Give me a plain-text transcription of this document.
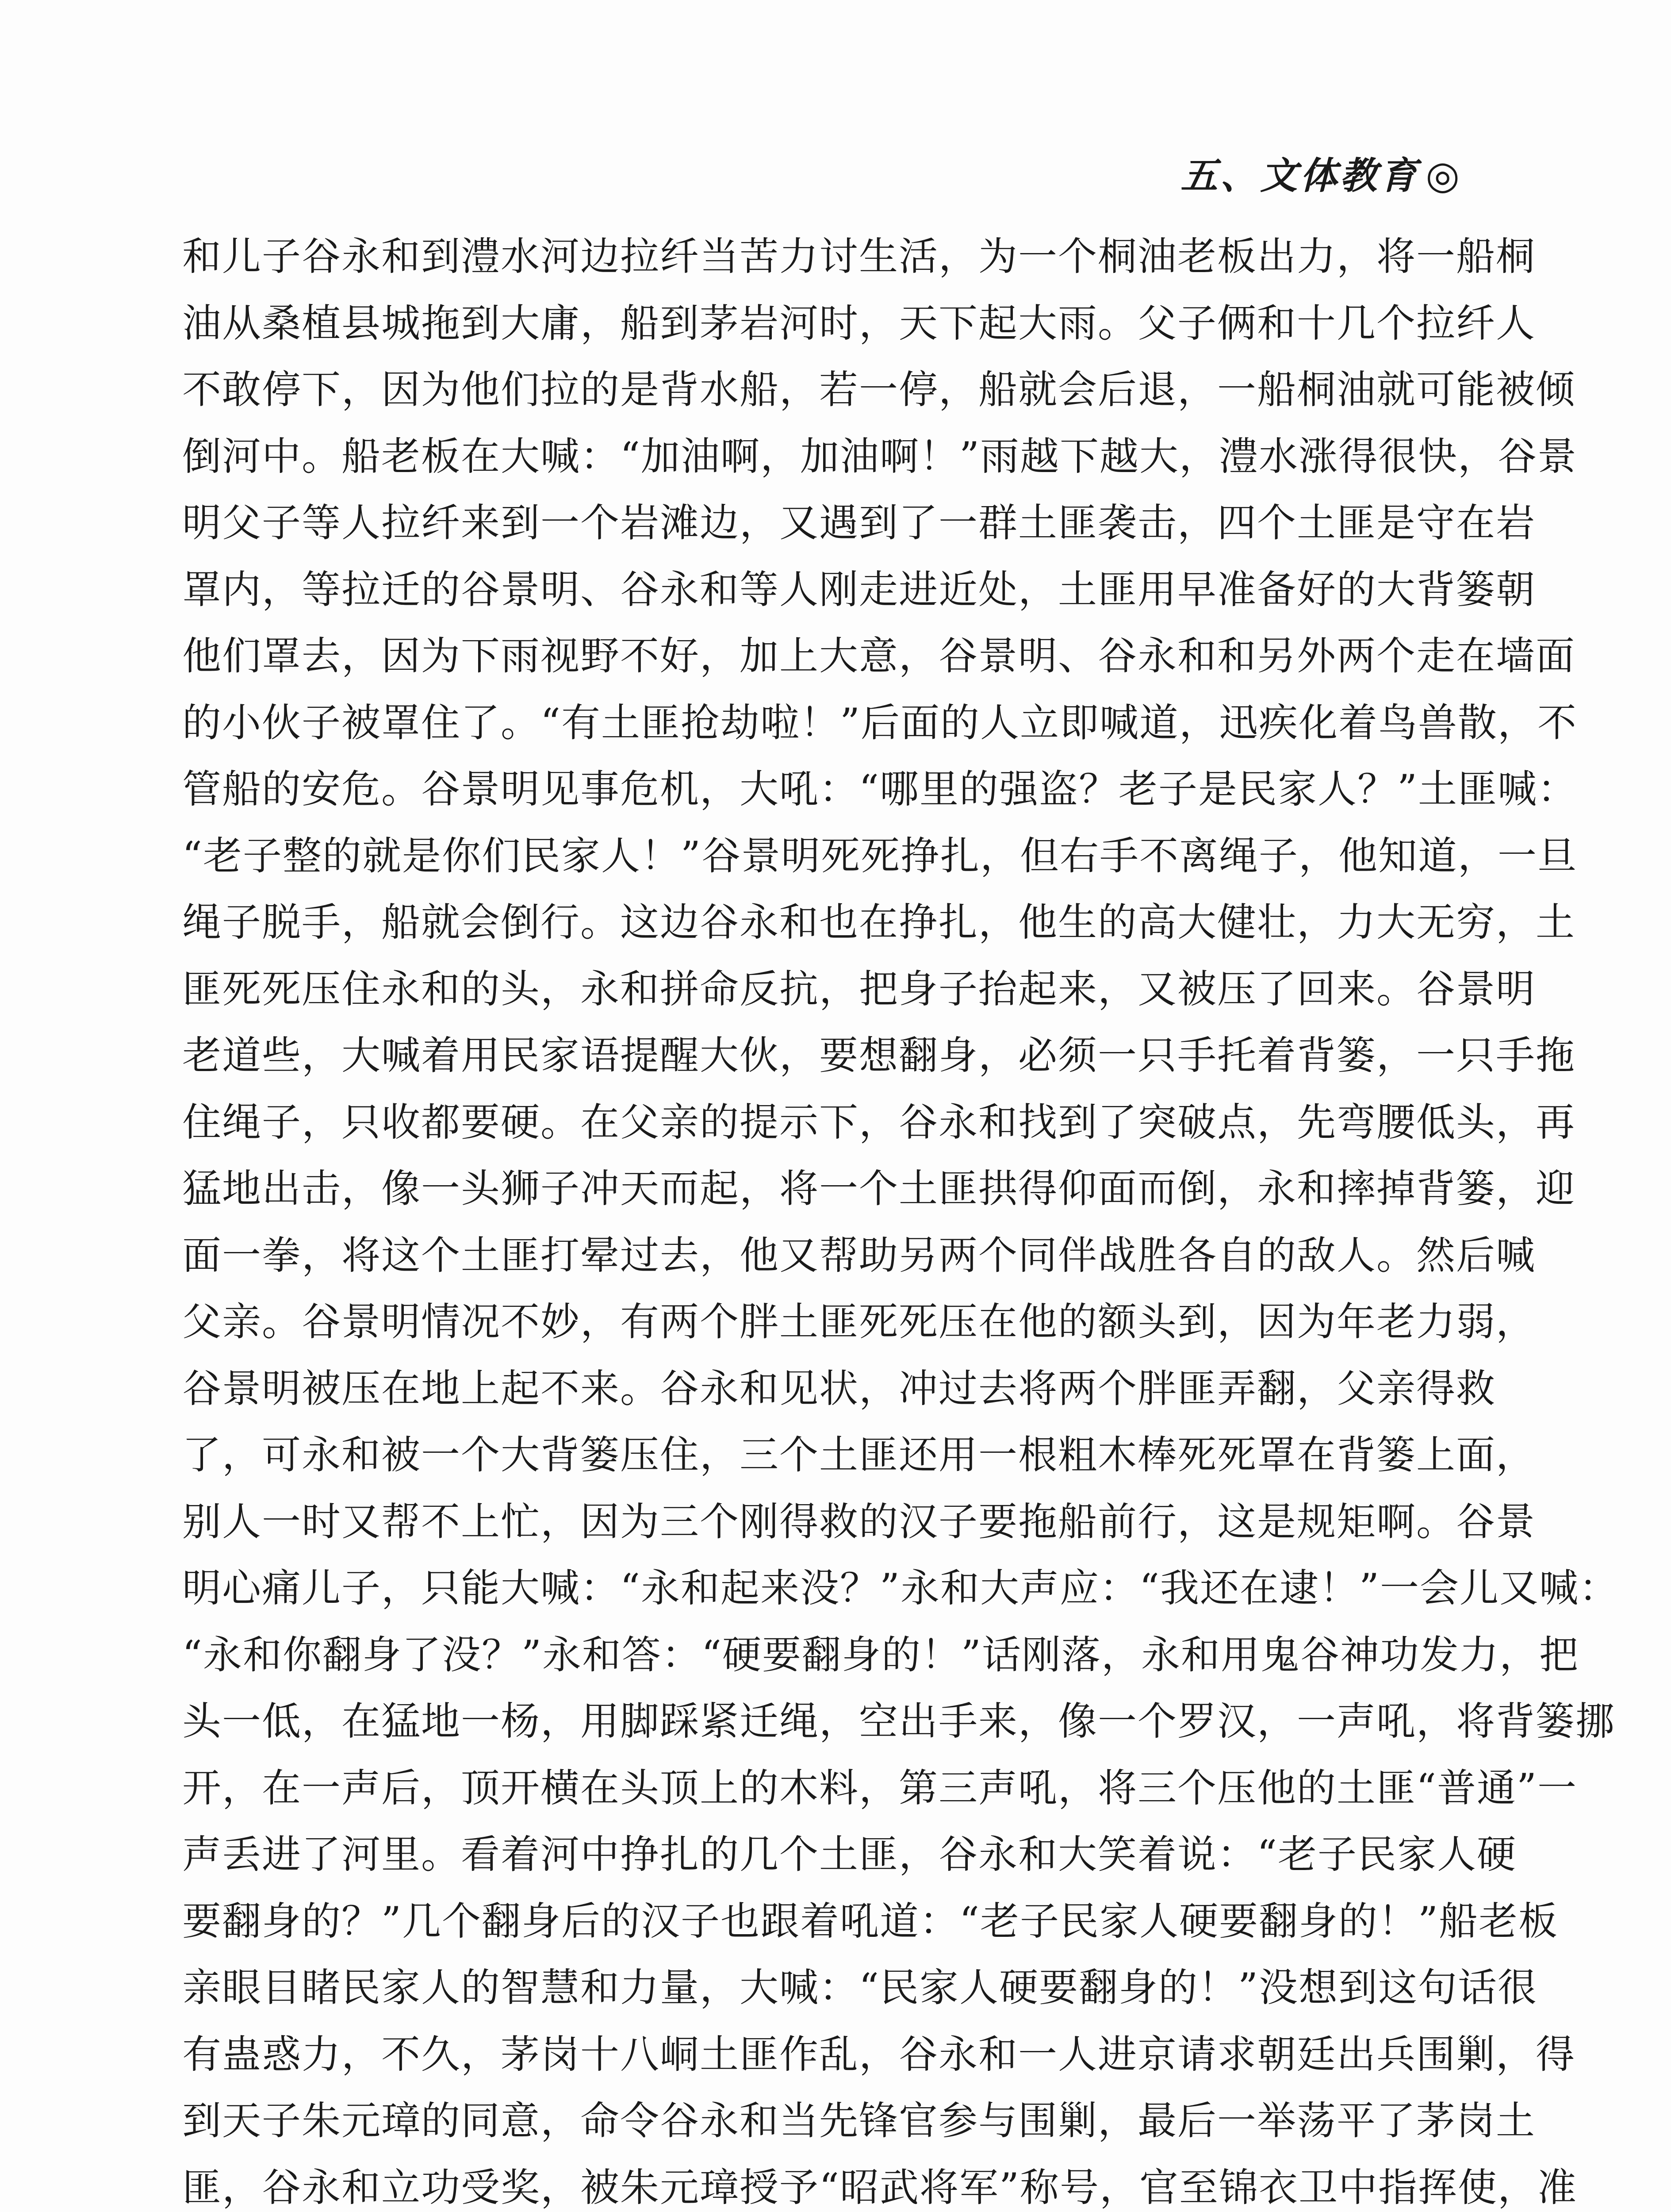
五、文体教育 ◎
和儿子谷永和到澧水河边拉纤当苦力讨生活，为一个桐油老板出力，将一船桐
油从桑植县城拖到大庸，船到茅岩河时，天下起大雨。父子俩和十几个拉纤人
不敢停下，因为他们拉的是背水船，若一停，船就会后退，一船桐油就可能被倾
倒河中。船老板在大喊：“加油啊，加油啊！”雨越下越大，澧水涨得很快，谷景
明父子等人拉纤来到一个岩滩边，又遇到了一群土匪袭击，四个土匪是守在岩
罩内，等拉迁的谷景明、谷永和等人刚走进近处，土匪用早准备好的大背篓朝
他们罩去，因为下雨视野不好，加上大意，谷景明、谷永和和另外两个走在墙面
的小伙子被罩住了。“有土匪抢劫啦！”后面的人立即喊道，迅疾化着鸟兽散，不
管船的安危。谷景明见事危机，大吼：“哪里的强盗？老子是民家人？”土匪喊：
“老子整的就是你们民家人！”谷景明死死挣扎，但右手不离绳子，他知道，一旦
绳子脱手，船就会倒行。这边谷永和也在挣扎，他生的高大健壮，力大无穷，土
匪死死压住永和的头，永和拼命反抗，把身子抬起来，又被压了回来。谷景明
老道些，大喊着用民家语提醒大伙，要想翻身，必须一只手托着背篓，一只手拖
住绳子，只收都要硬。在父亲的提示下，谷永和找到了突破点，先弯腰低头，再
猛地出击，像一头狮子冲天而起，将一个土匪拱得仰面而倒，永和摔掉背篓，迎
面一拳，将这个土匪打晕过去，他又帮助另两个同伴战胜各自的敌人。然后喊
父亲。谷景明情况不妙，有两个胖土匪死死压在他的额头到，因为年老力弱，
谷景明被压在地上起不来。谷永和见状，冲过去将两个胖匪弄翻，父亲得救
了，可永和被一个大背篓压住，三个土匪还用一根粗木棒死死罩在背篓上面，
别人一时又帮不上忙，因为三个刚得救的汉子要拖船前行，这是规矩啊。谷景
明心痛儿子，只能大喊：“永和起来没？”永和大声应：“我还在逮！”一会儿又喊：
“永和你翻身了没？”永和答：“硬要翻身的！”话刚落，永和用鬼谷神功发力，把
头一低，在猛地一杨，用脚踩紧迁绳，空出手来，像一个罗汉，一声吼，将背篓挪
开，在一声后，顶开横在头顶上的木料，第三声吼，将三个压他的土匪“普通”一
声丢进了河里。看着河中挣扎的几个土匪，谷永和大笑着说：“老子民家人硬
要翻身的？”几个翻身后的汉子也跟着吼道：“老子民家人硬要翻身的！”船老板
亲眼目睹民家人的智慧和力量，大喊：“民家人硬要翻身的！”没想到这句话很
有蛊惑力，不久，茅岗十八峒土匪作乱，谷永和一人进京请求朝廷出兵围剿，得
到天子朱元璋的同意，命令谷永和当先锋官参与围剿，最后一举荡平了茅岗土
匪，谷永和立功受奖，被朱元璋授予“昭武将军”称号，官至锦衣卫中指挥使，准
